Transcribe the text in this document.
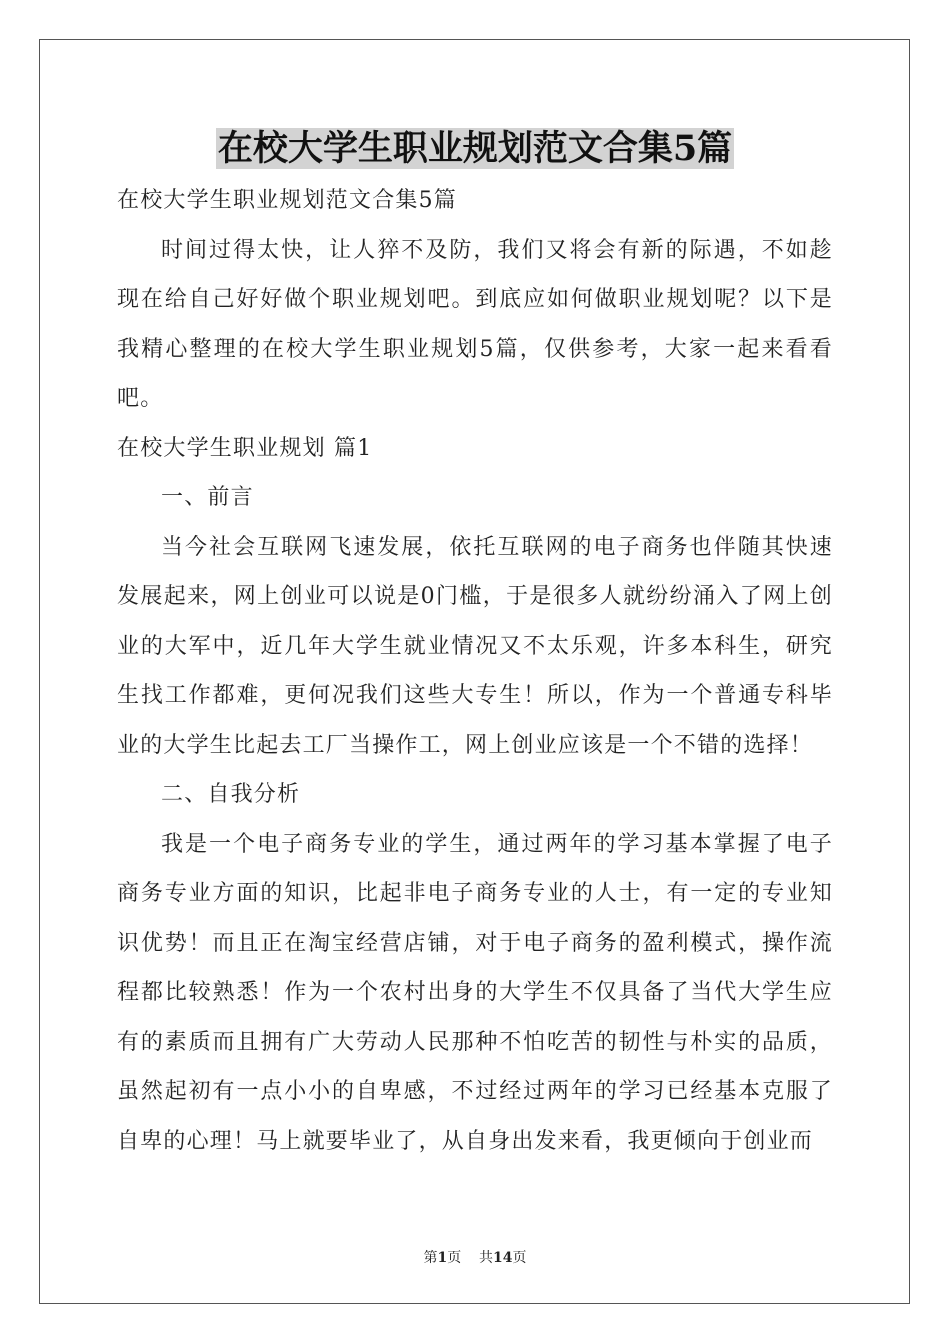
在校大学生职业规划范文合集5篇

在校大学生职业规划范文合集5篇

时间过得太快，让人猝不及防，我们又将会有新的际遇，不如趁现在给自己好好做个职业规划吧。到底应如何做职业规划呢？以下是我精心整理的在校大学生职业规划5篇，仅供参考，大家一起来看看吧。

在校大学生职业规划 篇1

一、前言

当今社会互联网飞速发展，依托互联网的电子商务也伴随其快速发展起来，网上创业可以说是0门槛，于是很多人就纷纷涌入了网上创业的大军中，近几年大学生就业情况又不太乐观，许多本科生，研究生找工作都难，更何况我们这些大专生！所以，作为一个普通专科毕业的大学生比起去工厂当操作工，网上创业应该是一个不错的选择！

二、自我分析

我是一个电子商务专业的学生，通过两年的学习基本掌握了电子商务专业方面的知识，比起非电子商务专业的人士，有一定的专业知识优势！而且正在淘宝经营店铺，对于电子商务的盈利模式，操作流程都比较熟悉！作为一个农村出身的大学生不仅具备了当代大学生应有的素质而且拥有广大劳动人民那种不怕吃苦的韧性与朴实的品质，虽然起初有一点小小的自卑感，不过经过两年的学习已经基本克服了自卑的心理！马上就要毕业了，从自身出发来看，我更倾向于创业而

第1页 共14页
